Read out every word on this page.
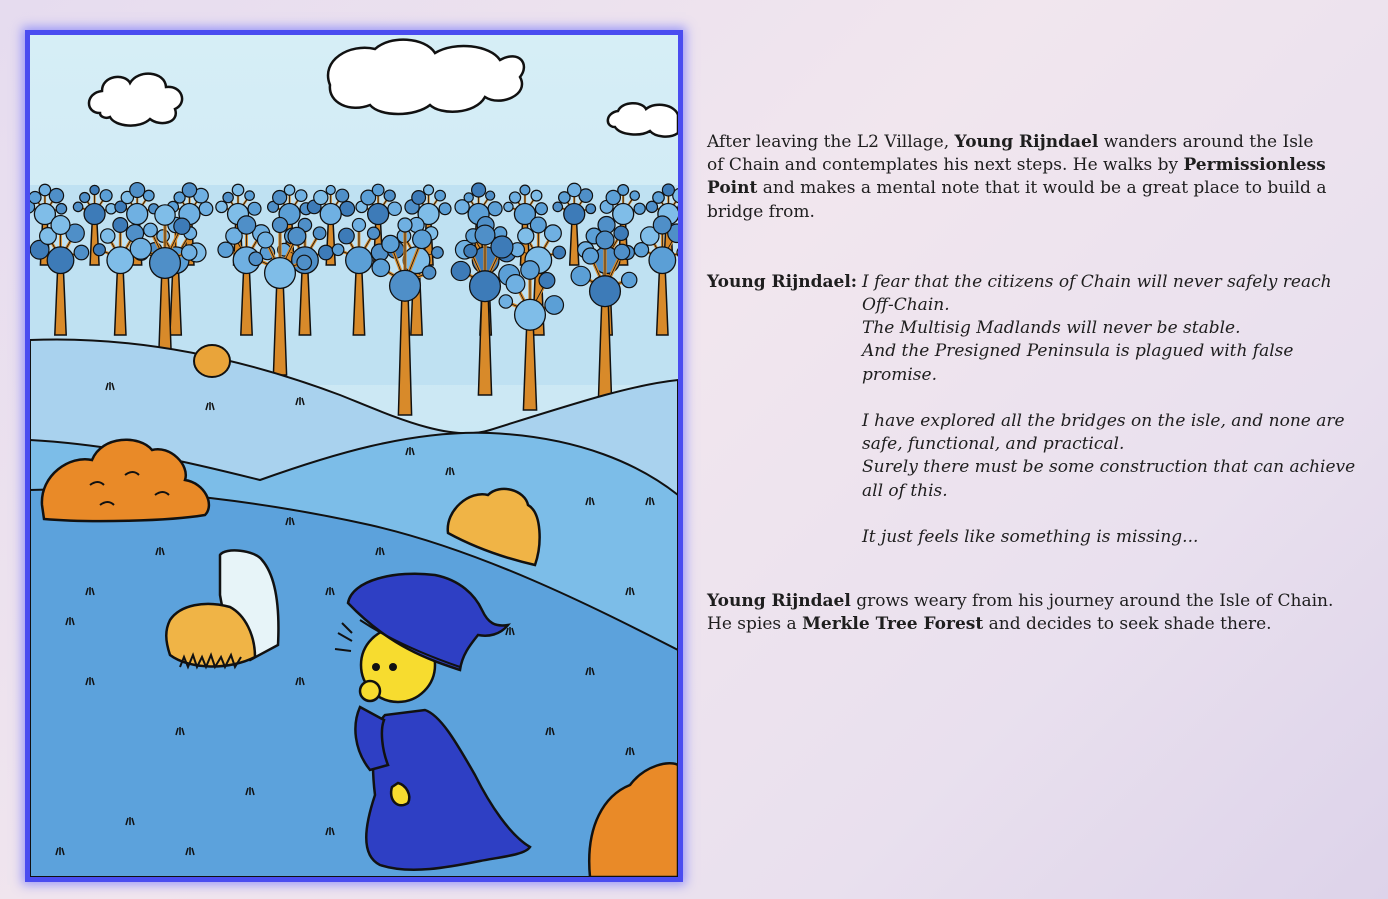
After leaving the L2 Village, Young Rijndael wanders around the Isle of Chain and contemplates his next steps. He walks by Permissionless Point and makes a mental note that it would be a great place to build a bridge from.

Young Rijndael: I fear that the citizens of Chain will never safely reach Off-Chain.

The Multisig Madlands will never be stable.

And the Presigned Peninsula is plagued with false promise.

I have explored all the bridges on the isle, and none are safe, functional, and practical.

Surely there must be some construction that can achieve all of this.

It just feels like something is missing...

Young Rijndael grows weary from his journey around the Isle of Chain. He spies a Merkle Tree Forest and decides to seek shade there.
